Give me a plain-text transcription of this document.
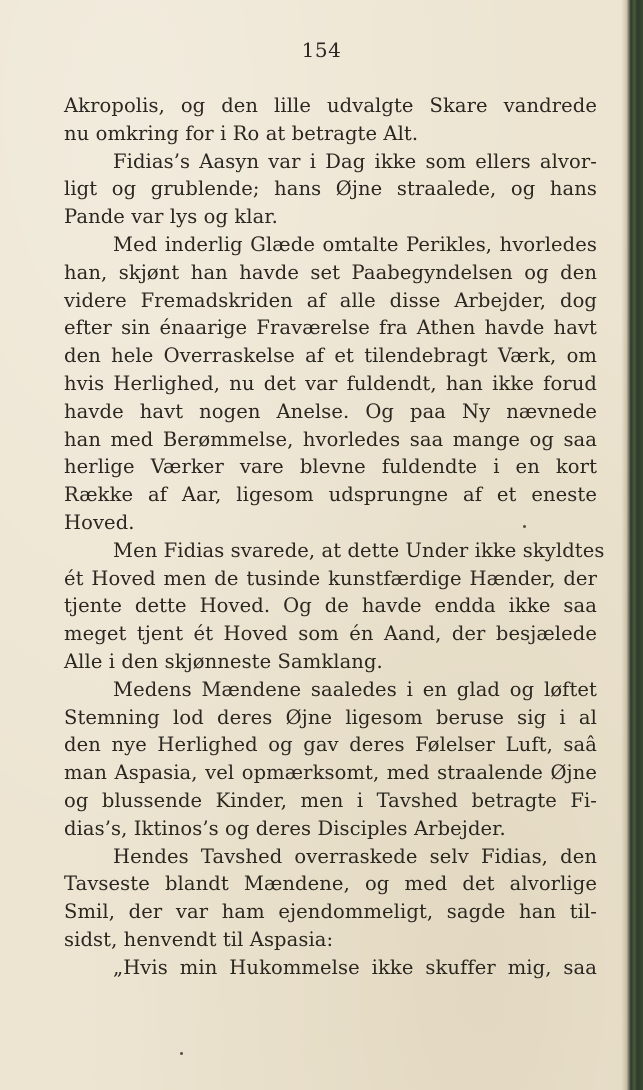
154
Akropolis, og den lille udvalgte Skare vandrede
nu omkring for i Ro at betragte Alt.
Fidias’s Aasyn var i Dag ikke som ellers alvor-
ligt og grublende; hans Øjne straalede, og hans
Pande var lys og klar.
Med inderlig Glæde omtalte Perikles, hvorledes
han, skjønt han havde set Paabegyndelsen og den
videre Fremadskriden af alle disse Arbejder, dog
efter sin énaarige Fraværelse fra Athen havde havt
den hele Overraskelse af et tilendebragt Værk, om
hvis Herlighed, nu det var fuldendt, han ikke forud
havde havt nogen Anelse. Og paa Ny nævnede
han med Berømmelse, hvorledes saa mange og saa
herlige Værker vare blevne fuldendte i en kort
Række af Aar, ligesom udsprungne af et eneste
Hoved.
Men Fidias svarede, at dette Under ikke skyldtes
ét Hoved men de tusinde kunstfærdige Hænder, der
tjente dette Hoved. Og de havde endda ikke saa
meget tjent ét Hoved som én Aand, der besjælede
Alle i den skjønneste Samklang.
Medens Mændene saaledes i en glad og løftet
Stemning lod deres Øjne ligesom beruse sig i al
den nye Herlighed og gav deres Følelser Luft, saâ
man Aspasia, vel opmærksomt, med straalende Øjne
og blussende Kinder, men i Tavshed betragte Fi-
dias’s, Iktinos’s og deres Disciples Arbejder.
Hendes Tavshed overraskede selv Fidias, den
Tavseste blandt Mændene, og med det alvorlige
Smil, der var ham ejendommeligt, sagde han til-
sidst, henvendt til Aspasia:
„Hvis min Hukommelse ikke skuffer mig, saa
